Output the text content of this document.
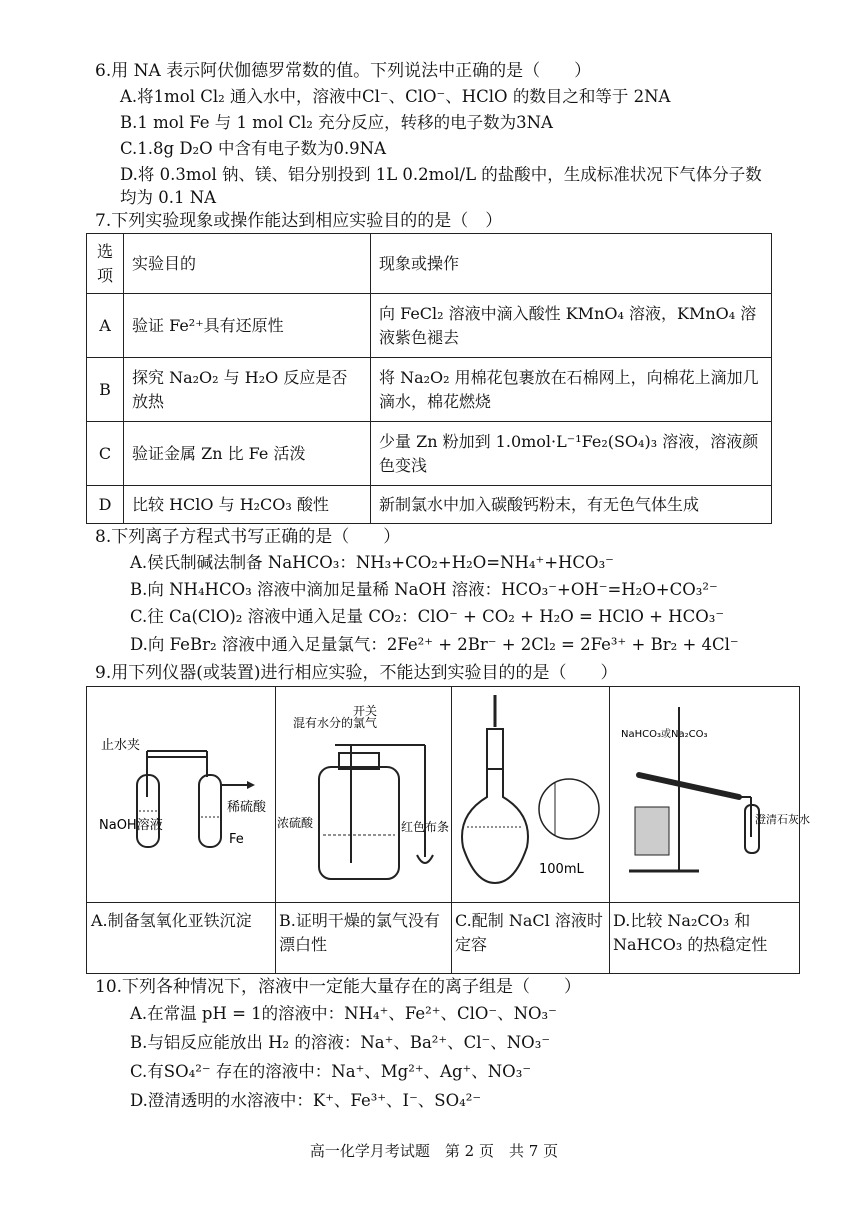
6.用 NA 表示阿伏伽德罗常数的值。下列说法中正确的是（　　）
A.将1mol Cl₂ 通入水中，溶液中Cl⁻、ClO⁻、HClO 的数目之和等于 2NA
B.1 mol Fe 与 1 mol Cl₂ 充分反应，转移的电子数为3NA
C.1.8g D₂O 中含有电子数为0.9NA
D.将 0.3mol 钠、镁、铝分别投到 1L 0.2mol/L 的盐酸中，生成标准状况下气体分子数
均为 0.1 NA
7.下列实验现象或操作能达到相应实验目的的是（　）
选项	实验目的	现象或操作
A	验证 Fe²⁺具有还原性	向 FeCl₂ 溶液中滴入酸性 KMnO₄ 溶液，KMnO₄ 溶液紫色褪去
B	探究 Na₂O₂ 与 H₂O 反应是否放热	将 Na₂O₂ 用棉花包裹放在石棉网上，向棉花上滴加几滴水，棉花燃烧
C	验证金属 Zn 比 Fe 活泼	少量 Zn 粉加到 1.0mol·L⁻¹Fe₂(SO₄)₃ 溶液，溶液颜色变浅
D	比较 HClO 与 H₂CO₃ 酸性	新制氯水中加入碳酸钙粉末，有无色气体生成
8.下列离子方程式书写正确的是（　　）
A.侯氏制碱法制备 NaHCO₃：NH₃+CO₂+H₂O=NH₄⁺+HCO₃⁻
B.向 NH₄HCO₃ 溶液中滴加足量稀 NaOH 溶液：HCO₃⁻+OH⁻=H₂O+CO₃²⁻
C.往 Ca(ClO)₂ 溶液中通入足量 CO₂：ClO⁻ + CO₂ + H₂O = HClO + HCO₃⁻
D.向 FeBr₂ 溶液中通入足量氯气：2Fe²⁺ + 2Br⁻ + 2Cl₂ = 2Fe³⁺ + Br₂ + 4Cl⁻
9.用下列仪器(或装置)进行相应实验，不能达到实验目的的是（　　）
止水夹
NaOH溶液
稀硫酸
Fe
A.制备氢氧化亚铁沉淀
混有水分的氯气
开关
浓硫酸	红色布条
B.证明干燥的氯气没有漂白性
100mL
C.配制 NaCl 溶液时定容
NaHCO₃或Na₂CO₃
澄清石灰水
D.比较 Na₂CO₃ 和 NaHCO₃ 的热稳定性
10.下列各种情况下，溶液中一定能大量存在的离子组是（　　）
A.在常温 pH = 1的溶液中：NH₄⁺、Fe²⁺、ClO⁻、NO₃⁻
B.与铝反应能放出 H₂ 的溶液：Na⁺、Ba²⁺、Cl⁻、NO₃⁻
C.有SO₄²⁻ 存在的溶液中：Na⁺、Mg²⁺、Ag⁺、NO₃⁻
D.澄清透明的水溶液中：K⁺、Fe³⁺、I⁻、SO₄²⁻
高一化学月考试题　第 2 页　共 7 页
